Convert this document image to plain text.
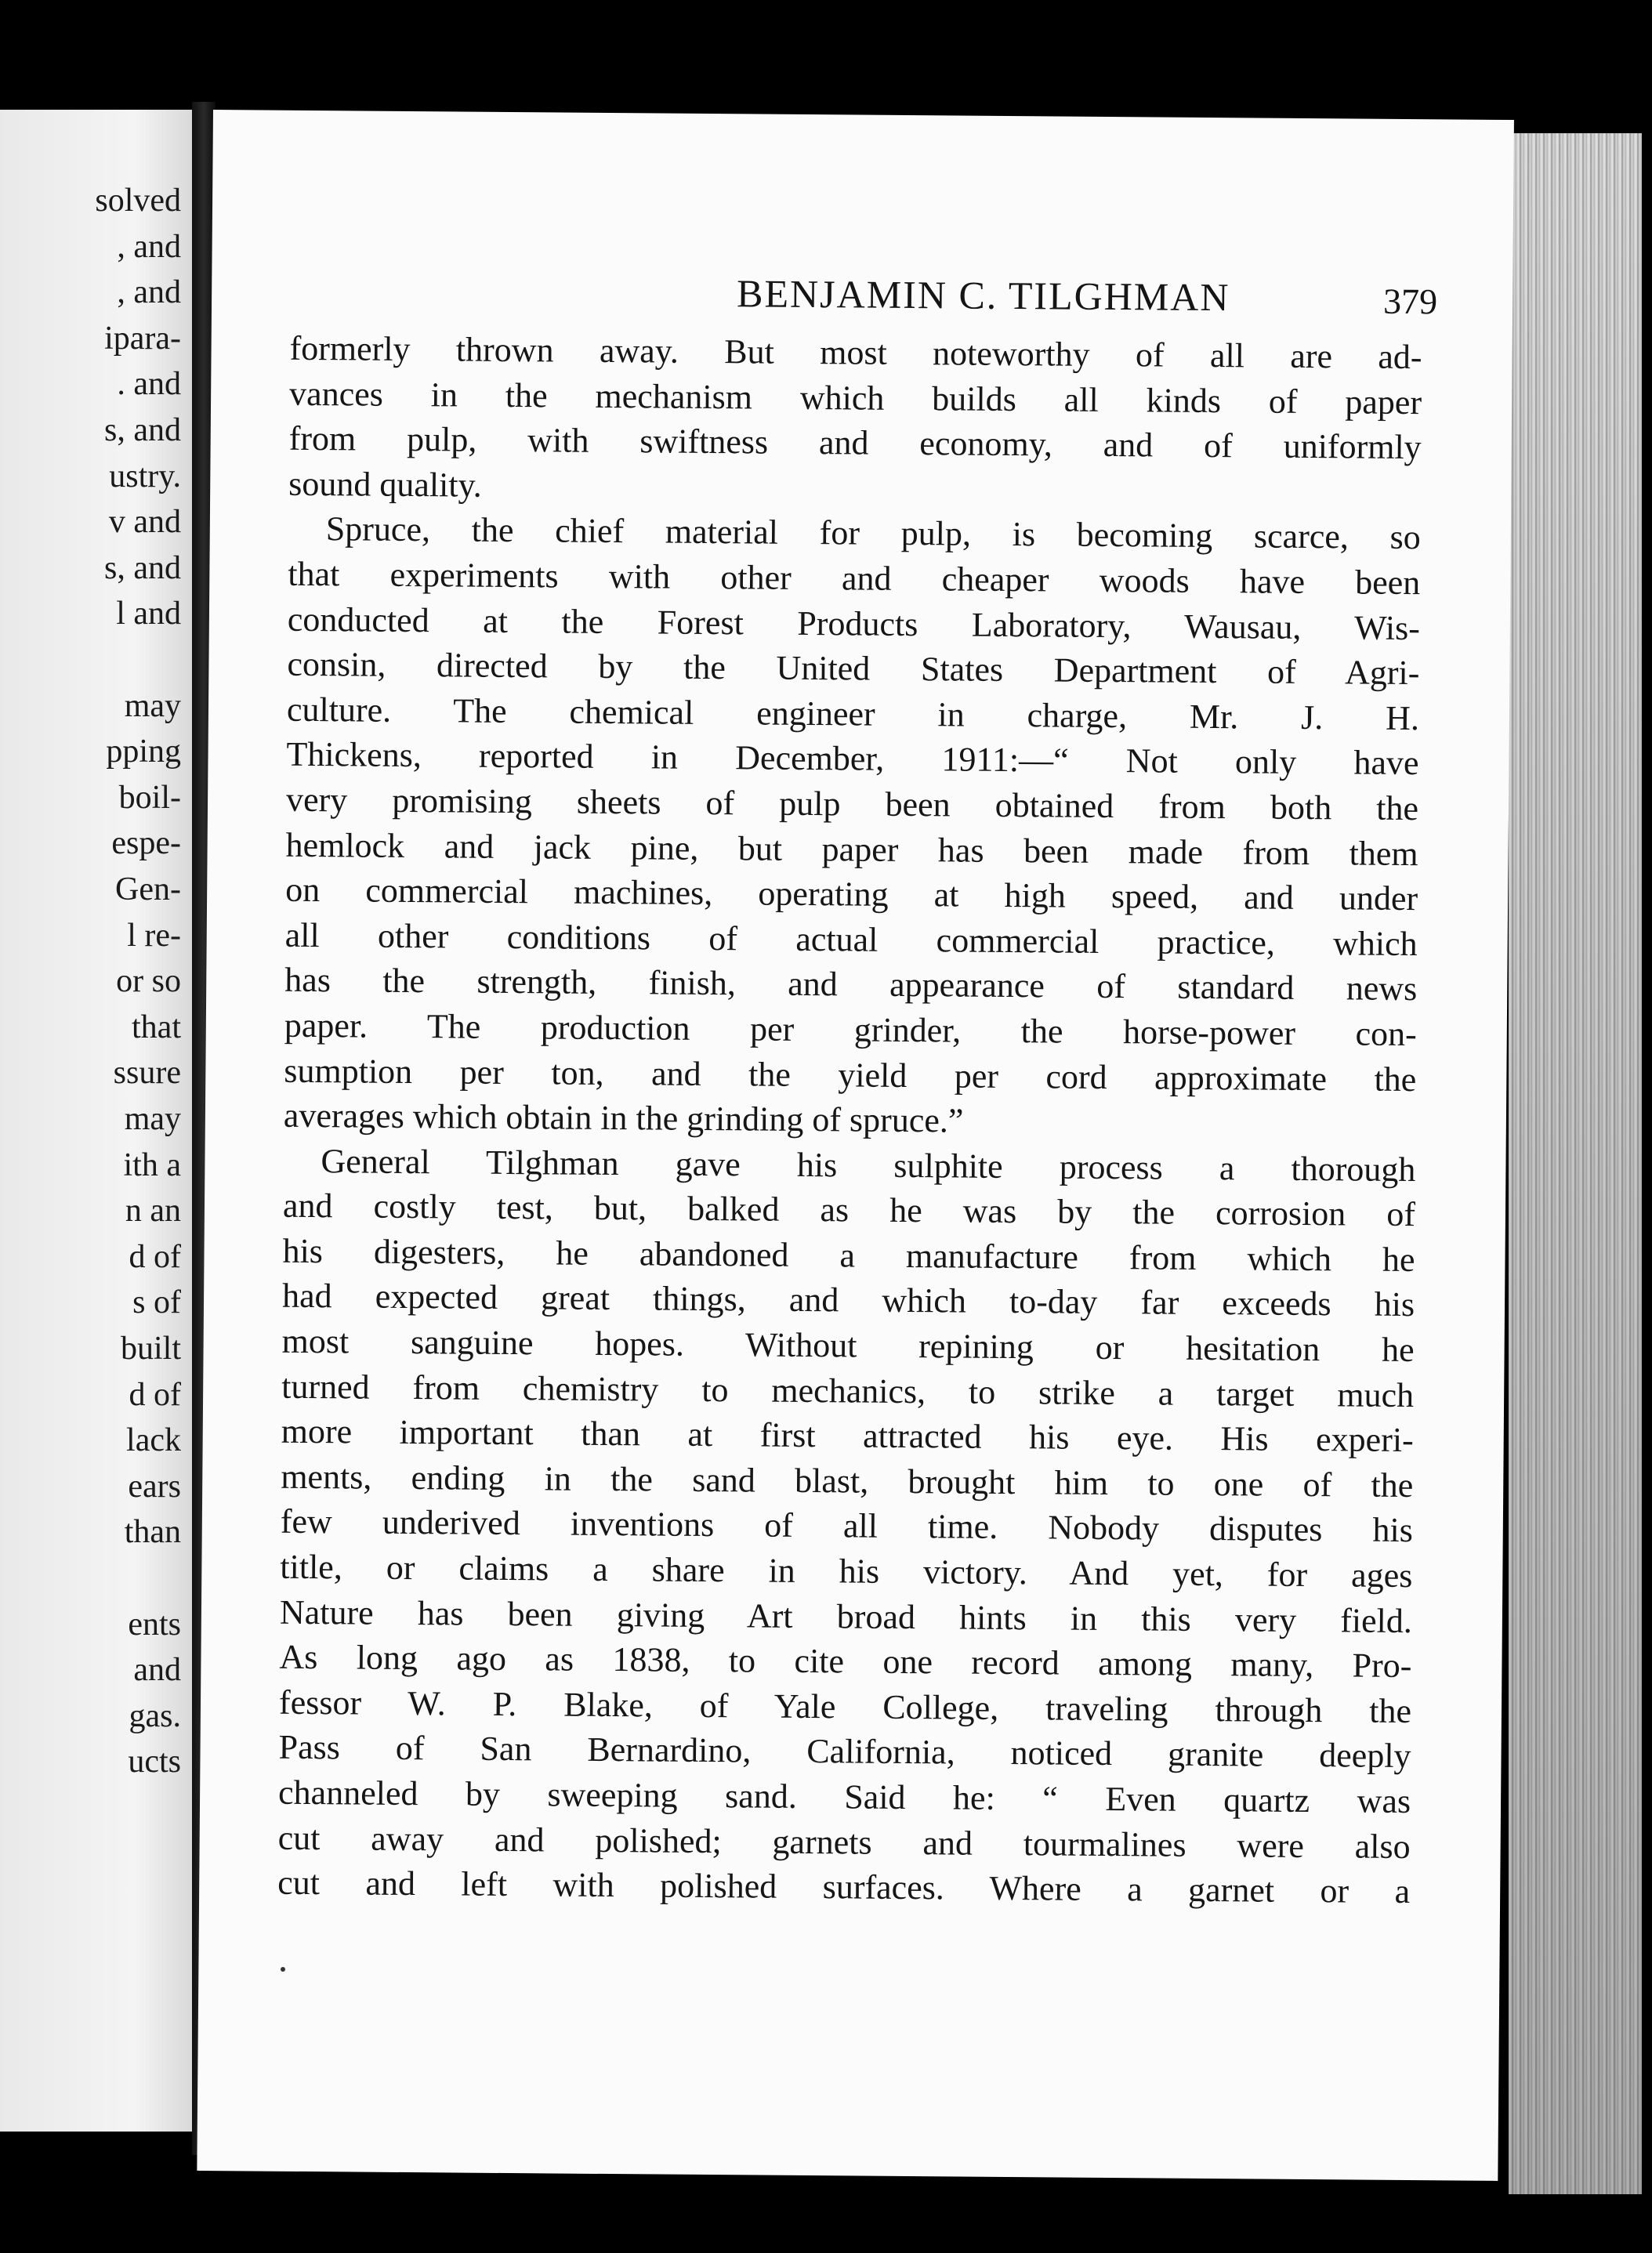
solved
, and
, and
ipara-
. and
s, and
ustry.
v and
s, and
l and
may
pping
boil-
espe-
Gen-
l re-
or so
that
ssure
may
ith a
n an
d of
s of
built
d of
lack
ears
than
ents
and
gas.
ucts
BENJAMIN C. TILGHMAN	379
formerly thrown away. But most noteworthy of all are ad-
vances in the mechanism which builds all kinds of paper
from pulp, with swiftness and economy, and of uniformly
sound quality.
Spruce, the chief material for pulp, is becoming scarce, so
that experiments with other and cheaper woods have been
conducted at the Forest Products Laboratory, Wausau, Wis-
consin, directed by the United States Department of Agri-
culture. The chemical engineer in charge, Mr. J. H.
Thickens, reported in December, 1911:—“ Not only have
very promising sheets of pulp been obtained from both the
hemlock and jack pine, but paper has been made from them
on commercial machines, operating at high speed, and under
all other conditions of actual commercial practice, which
has the strength, finish, and appearance of standard news
paper. The production per grinder, the horse-power con-
sumption per ton, and the yield per cord approximate the
averages which obtain in the grinding of spruce.”
General Tilghman gave his sulphite process a thorough
and costly test, but, balked as he was by the corrosion of
his digesters, he abandoned a manufacture from which he
had expected great things, and which to-day far exceeds his
most sanguine hopes. Without repining or hesitation he
turned from chemistry to mechanics, to strike a target much
more important than at first attracted his eye. His experi-
ments, ending in the sand blast, brought him to one of the
few underived inventions of all time. Nobody disputes his
title, or claims a share in his victory. And yet, for ages
Nature has been giving Art broad hints in this very field.
As long ago as 1838, to cite one record among many, Pro-
fessor W. P. Blake, of Yale College, traveling through the
Pass of San Bernardino, California, noticed granite deeply
channeled by sweeping sand. Said he: “ Even quartz was
cut away and polished; garnets and tourmalines were also
cut and left with polished surfaces. Where a garnet or a
